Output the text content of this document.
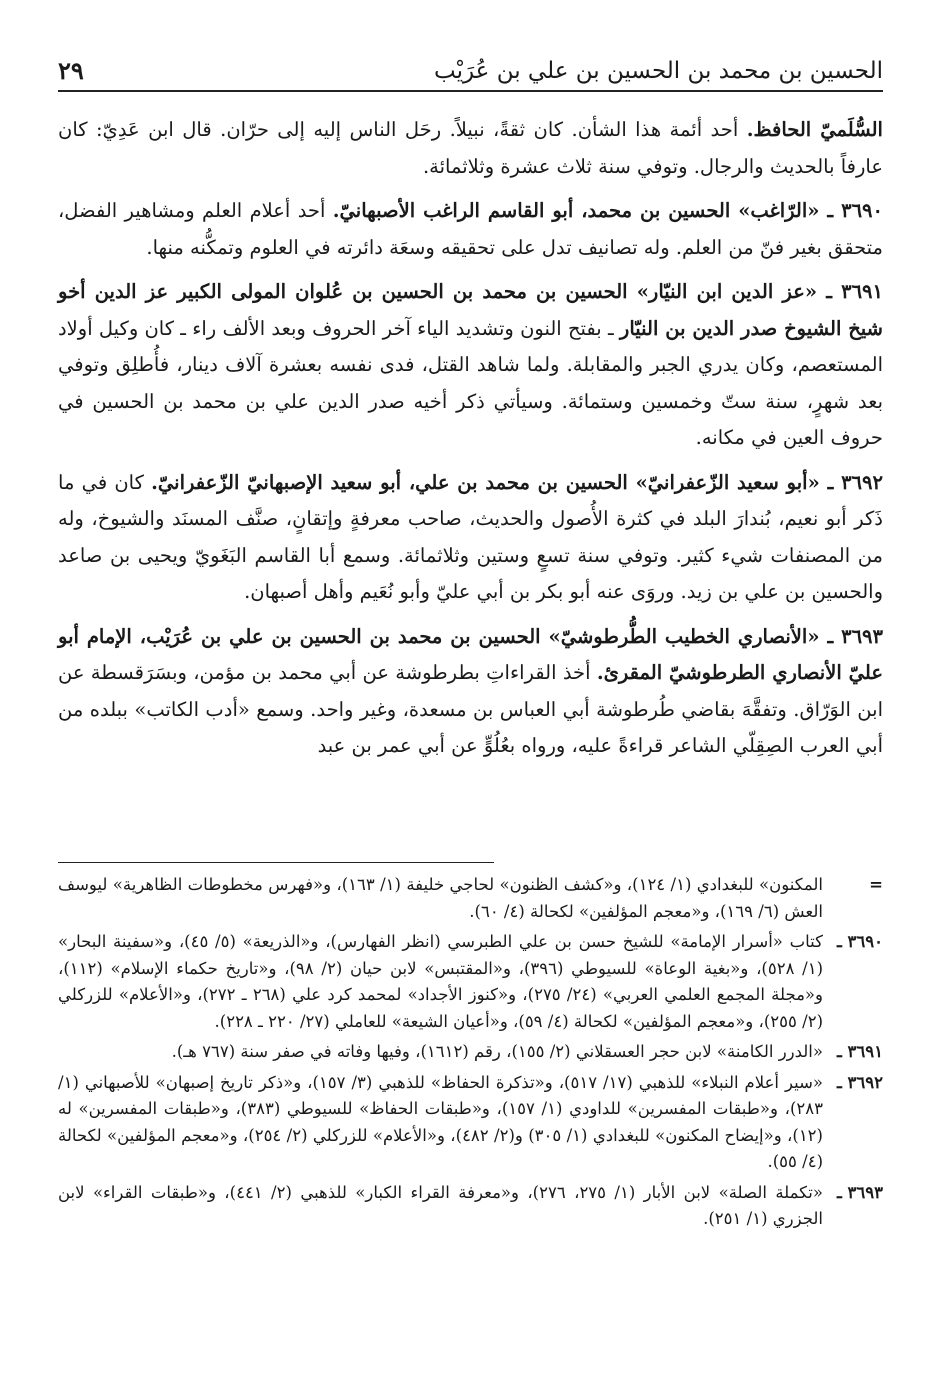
الحسين بن محمد بن الحسين بن علي بن عُرَيْب
٢٩

السُّلَميّ الحافظ. أحد أئمة هذا الشأن. كان ثقةً، نبيلاً. رحَل الناس إليه إلى حرّان. قال ابن عَدِيّ: كان عارفاً بالحديث والرجال. وتوفي سنة ثلاث عشرة وثلاثمائة.

٣٦٩٠ ـ «الرّاغب» الحسين بن محمد، أبو القاسم الراغب الأصبهانيّ. أحد أعلام العلم ومشاهير الفضل، متحقق بغير فنّ من العلم. وله تصانيف تدل على تحقيقه وسعَة دائرته في العلوم وتمكُّنه منها.

٣٦٩١ ـ «عز الدين ابن النيّار» الحسين بن محمد بن الحسين بن عُلوان المولى الكبير عز الدين أخو شيخ الشيوخ صدر الدين بن النيّار ـ بفتح النون وتشديد الياء آخر الحروف وبعد الألف راء ـ كان وكيل أولاد المستعصم، وكان يدري الجبر والمقابلة. ولما شاهد القتل، فدى نفسه بعشرة آلاف دينار، فأُطلِق وتوفي بعد شهرٍ، سنة ستّ وخمسين وستمائة. وسيأتي ذكر أخيه صدر الدين علي بن محمد بن الحسين في حروف العين في مكانه.

٣٦٩٢ ـ «أبو سعيد الزّعفرانيّ» الحسين بن محمد بن علي، أبو سعيد الإصبهانيّ الزّعفرانيّ. كان في ما ذَكر أبو نعيم، بُندارَ البلد في كثرة الأُصول والحديث، صاحب معرفةٍ وإتقانٍ، صنَّف المسنَد والشيوخ، وله من المصنفات شيء كثير. وتوفي سنة تسعٍ وستين وثلاثمائة. وسمع أبا القاسم البَغَويّ ويحيى بن صاعد والحسين بن علي بن زيد. وروَى عنه أبو بكر بن أبي عليّ وأبو نُعَيم وأهل أصبهان.

٣٦٩٣ ـ «الأنصاري الخطيب الطُّرطوشيّ» الحسين بن محمد بن الحسين بن علي بن عُرَيْب، الإمام أبو عليّ الأنصاري الطرطوشيّ المقرئ. أخذ القراءاتِ بطرطوشة عن أبي محمد بن مؤمن، وبسَرَقسطة عن ابن الوَرّاق. وتفقَّهَ بقاضي طُرطوشة أبي العباس بن مسعدة، وغير واحد. وسمع «أدب الكاتب» ببلده من أبي العرب الصِقِلّي الشاعر قراءةً عليه، ورواه بعُلُوٍّ عن أبي عمر بن عبد

=
المكنون» للبغدادي (١/ ١٢٤)، و«كشف الظنون» لحاجي خليفة (١/ ١٦٣)، و«فهرس مخطوطات الظاهرية» ليوسف العش (٦/ ١٦٩)، و«معجم المؤلفين» لكحالة (٤/ ٦٠).
٣٦٩٠ ـ
كتاب «أسرار الإمامة» للشيخ حسن بن علي الطبرسي (انظر الفهارس)، و«الذريعة» (٥/ ٤٥)، و«سفينة البحار» (١/ ٥٢٨)، و«بغية الوعاة» للسيوطي (٣٩٦)، و«المقتبس» لابن حيان (٢/ ٩٨)، و«تاريخ حكماء الإسلام» (١١٢)، و«مجلة المجمع العلمي العربي» (٢٤/ ٢٧٥)، و«كنوز الأجداد» لمحمد كرد علي (٢٦٨ ـ ٢٧٢)، و«الأعلام» للزركلي (٢/ ٢٥٥)، و«معجم المؤلفين» لكحالة (٤/ ٥٩)، و«أعيان الشيعة» للعاملي (٢٧/ ٢٢٠ ـ ٢٢٨).
٣٦٩١ ـ
«الدرر الكامنة» لابن حجر العسقلاني (٢/ ١٥٥)، رقم (١٦١٢)، وفيها وفاته في صفر سنة (٧٦٧ هـ).
٣٦٩٢ ـ
«سير أعلام النبلاء» للذهبي (١٧/ ٥١٧)، و«تذكرة الحفاظ» للذهبي (٣/ ١٥٧)، و«ذكر تاريخ إصبهان» للأصبهاني (١/ ٢٨٣)، و«طبقات المفسرين» للداودي (١/ ١٥٧)، و«طبقات الحفاظ» للسيوطي (٣٨٣)، و«طبقات المفسرين» له (١٢)، و«إيضاح المكنون» للبغدادي (١/ ٣٠٥) و(٢/ ٤٨٢)، و«الأعلام» للزركلي (٢/ ٢٥٤)، و«معجم المؤلفين» لكحالة (٤/ ٥٥).
٣٦٩٣ ـ
«تكملة الصلة» لابن الأبار (١/ ٢٧٥، ٢٧٦)، و«معرفة القراء الكبار» للذهبي (٢/ ٤٤١)، و«طبقات القراء» لابن الجزري (١/ ٢٥١).
